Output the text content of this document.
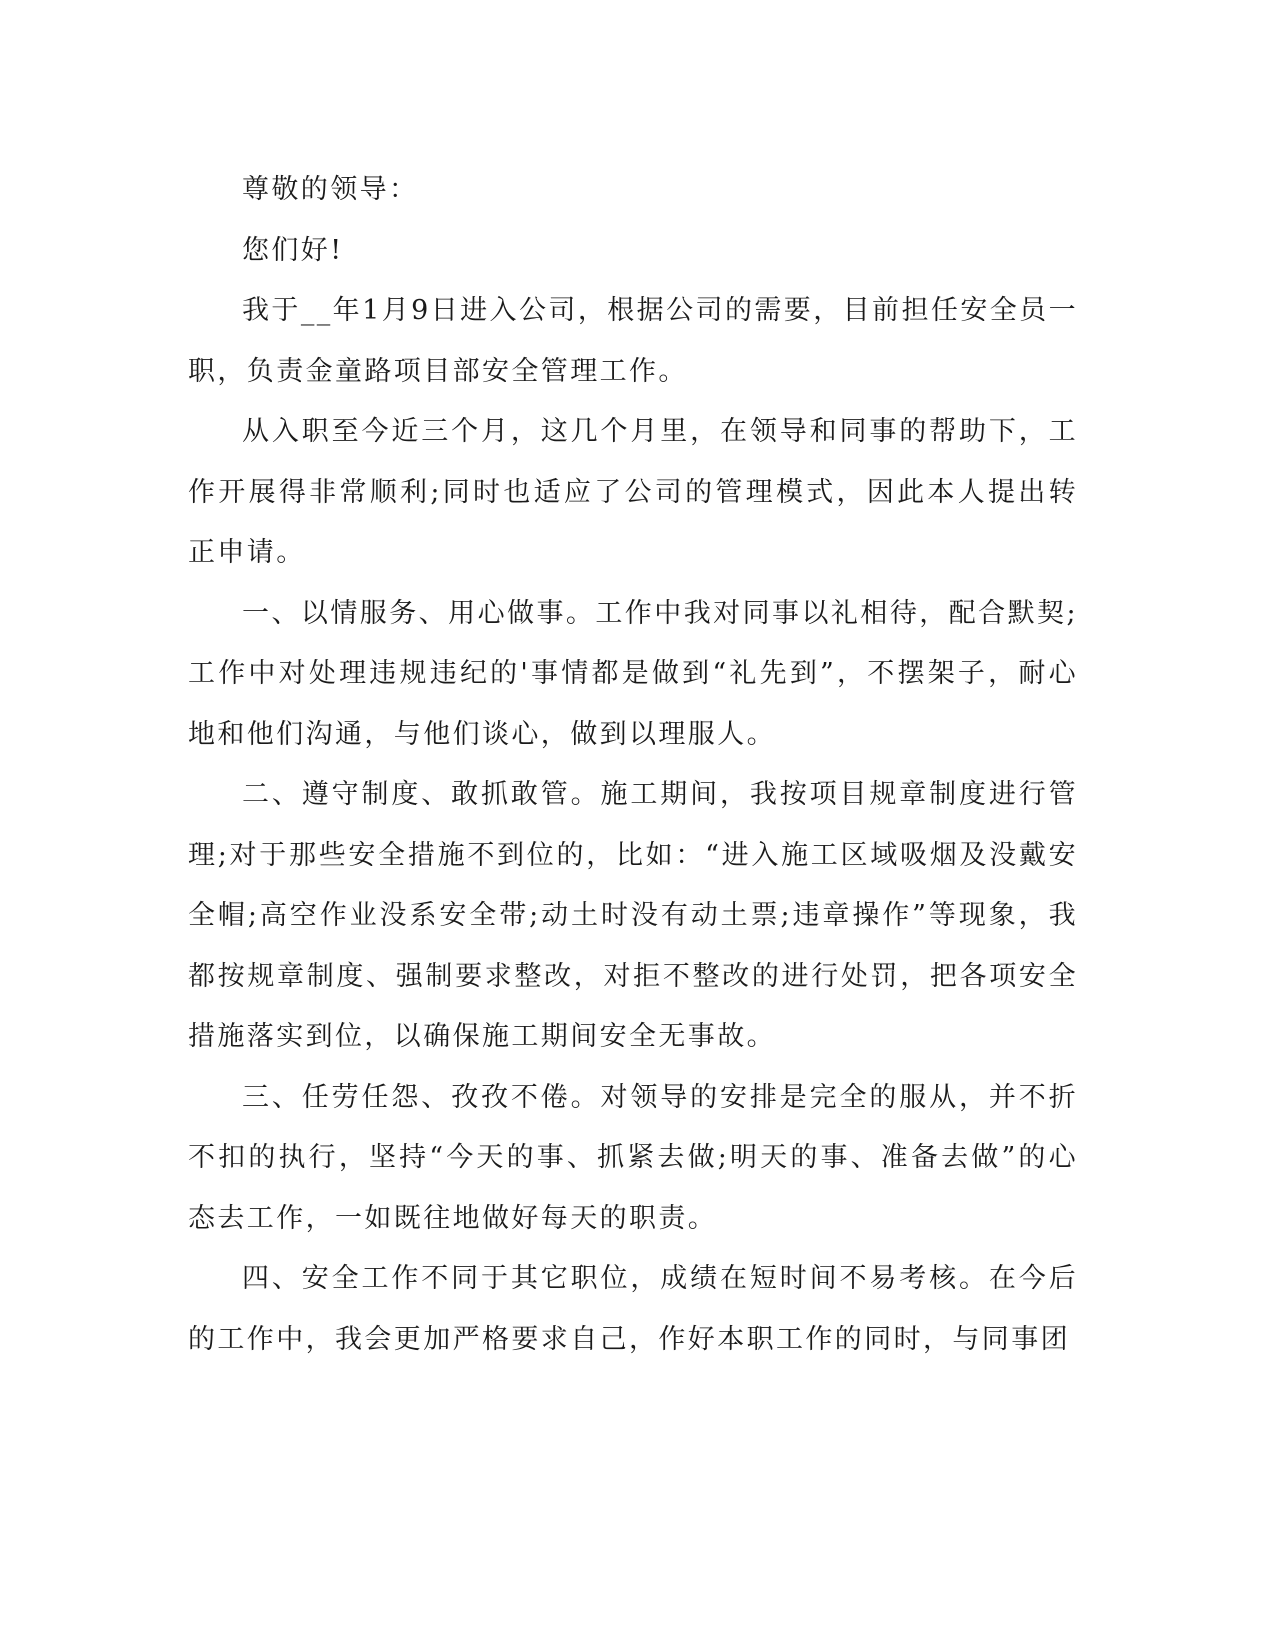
尊敬的领导：

您们好!

我于__年1月9日进入公司，根据公司的需要，目前担任安全员一职，负责金童路项目部安全管理工作。

从入职至今近三个月，这几个月里，在领导和同事的帮助下，工作开展得非常顺利;同时也适应了公司的管理模式，因此本人提出转正申请。

一、以情服务、用心做事。工作中我对同事以礼相待，配合默契;工作中对处理违规违纪的'事情都是做到“礼先到”，不摆架子，耐心地和他们沟通，与他们谈心，做到以理服人。

二、遵守制度、敢抓敢管。施工期间，我按项目规章制度进行管理;对于那些安全措施不到位的，比如：“进入施工区域吸烟及没戴安全帽;高空作业没系安全带;动土时没有动土票;违章操作”等现象，我都按规章制度、强制要求整改，对拒不整改的进行处罚，把各项安全措施落实到位，以确保施工期间安全无事故。

三、任劳任怨、孜孜不倦。对领导的安排是完全的服从，并不折不扣的执行，坚持“今天的事、抓紧去做;明天的事、准备去做”的心态去工作，一如既往地做好每天的职责。

四、安全工作不同于其它职位，成绩在短时间不易考核。在今后的工作中，我会更加严格要求自己，作好本职工作的同时，与同事团
